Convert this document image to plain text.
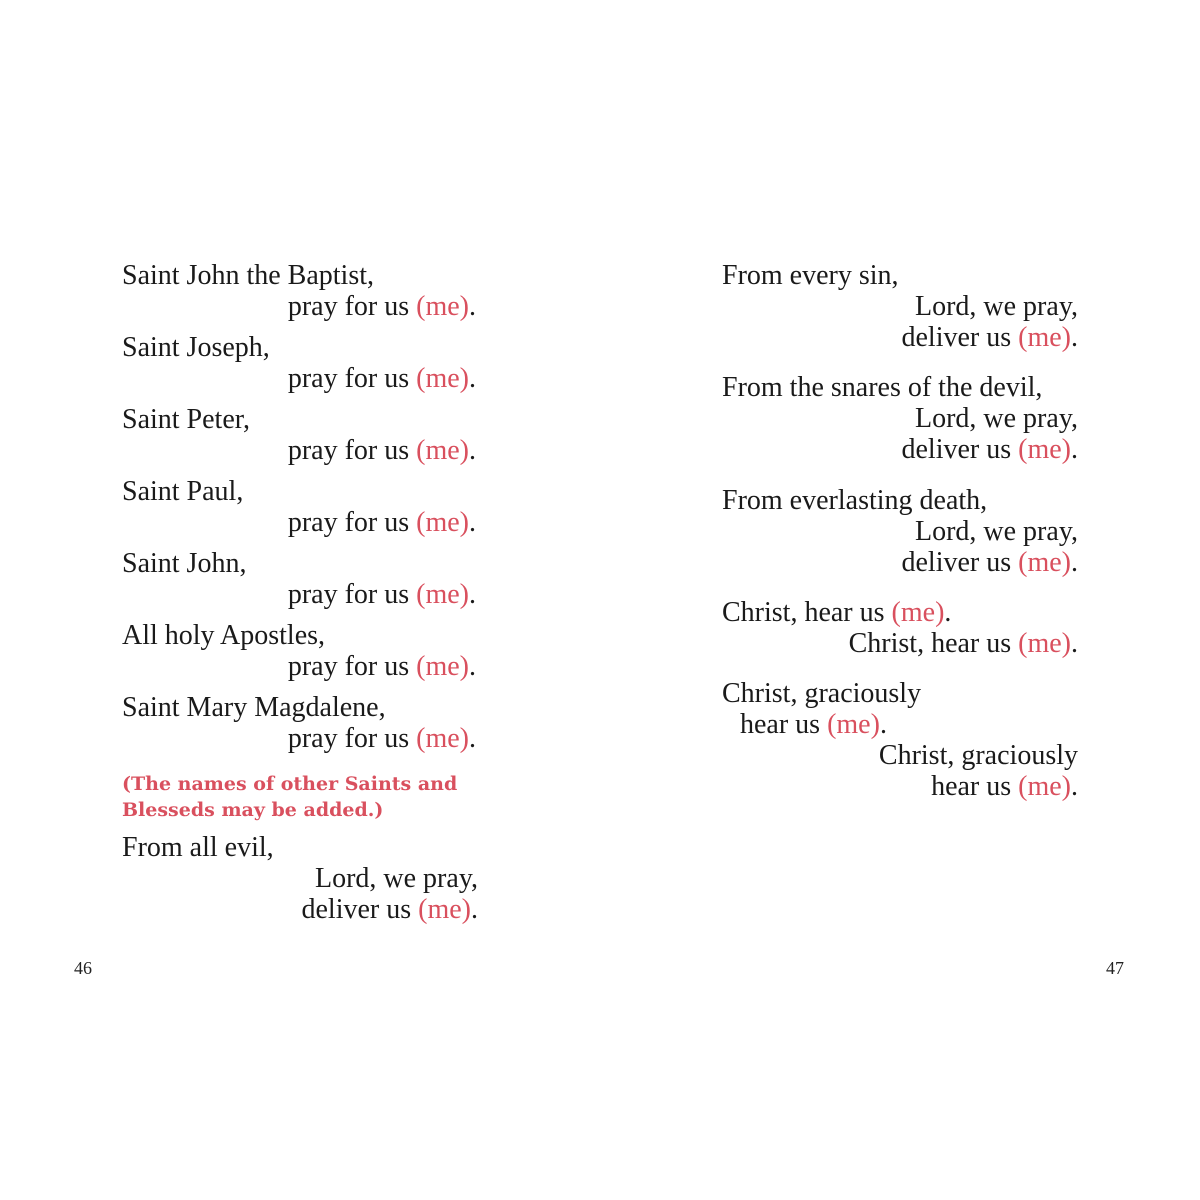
Saint John the Baptist,
pray for us (me).
Saint Joseph,
pray for us (me).
Saint Peter,
pray for us (me).
Saint Paul,
pray for us (me).
Saint John,
pray for us (me).
All holy Apostles,
pray for us (me).
Saint Mary Magdalene,
pray for us (me).
(The names of other Saints and
Blesseds may be added.)
From all evil,
Lord, we pray,
deliver us (me).
46
From every sin,
Lord, we pray,
deliver us (me).
From the snares of the devil,
Lord, we pray,
deliver us (me).
From everlasting death,
Lord, we pray,
deliver us (me).
Christ, hear us (me).
Christ, hear us (me).
Christ, graciously
hear us (me).
Christ, graciously
hear us (me).
47
